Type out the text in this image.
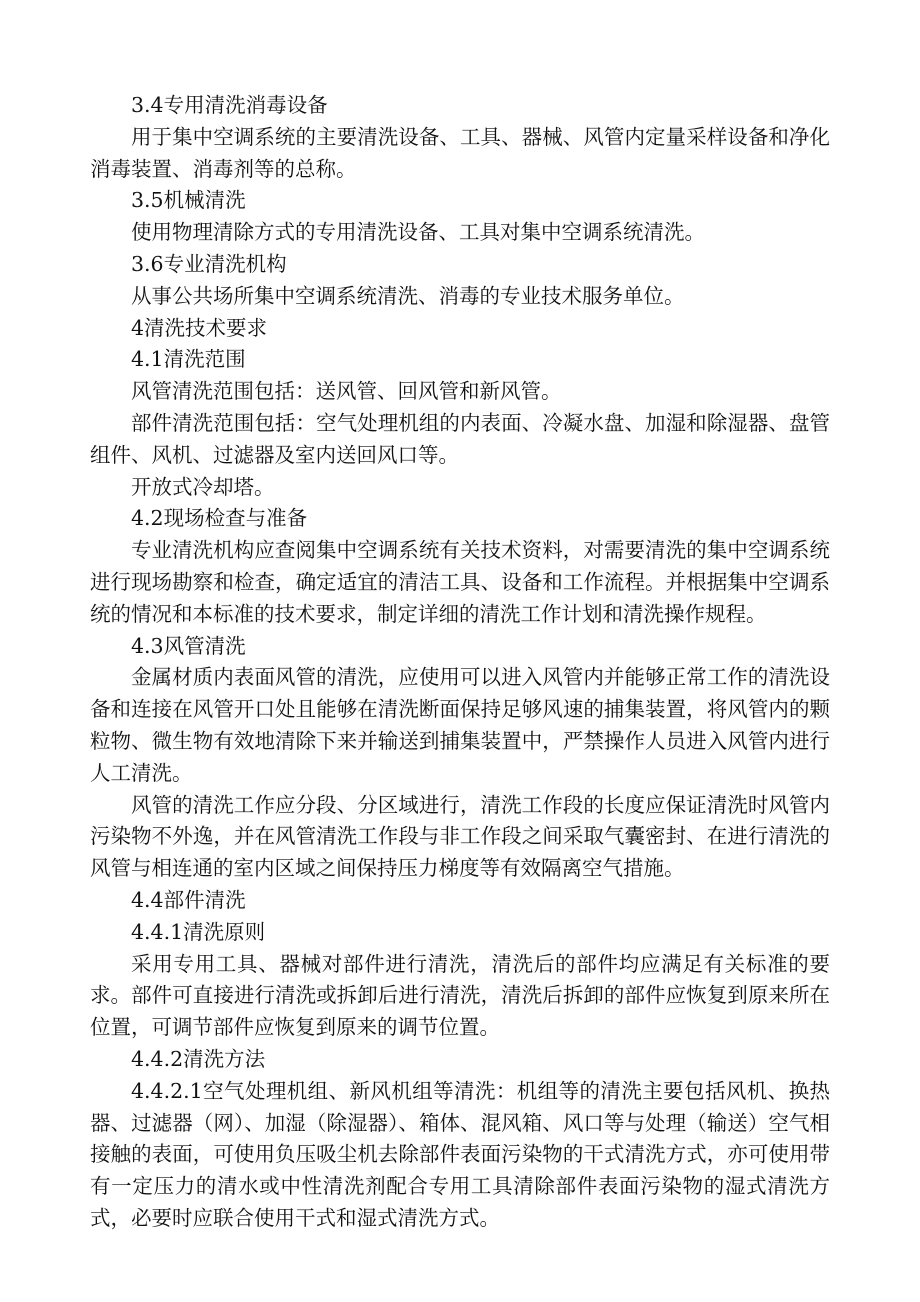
3.4专用清洗消毒设备

用于集中空调系统的主要清洗设备、工具、器械、风管内定量采样设备和净化消毒装置、消毒剂等的总称。

3.5机械清洗

使用物理清除方式的专用清洗设备、工具对集中空调系统清洗。

3.6专业清洗机构

从事公共场所集中空调系统清洗、消毒的专业技术服务单位。

4清洗技术要求

4.1清洗范围

风管清洗范围包括：送风管、回风管和新风管。

部件清洗范围包括：空气处理机组的内表面、冷凝水盘、加湿和除湿器、盘管组件、风机、过滤器及室内送回风口等。

开放式冷却塔。

4.2现场检查与准备

专业清洗机构应查阅集中空调系统有关技术资料，对需要清洗的集中空调系统进行现场勘察和检查，确定适宜的清洁工具、设备和工作流程。并根据集中空调系统的情况和本标准的技术要求，制定详细的清洗工作计划和清洗操作规程。

4.3风管清洗

金属材质内表面风管的清洗，应使用可以进入风管内并能够正常工作的清洗设备和连接在风管开口处且能够在清洗断面保持足够风速的捕集装置，将风管内的颗粒物、微生物有效地清除下来并输送到捕集装置中，严禁操作人员进入风管内进行人工清洗。

风管的清洗工作应分段、分区域进行，清洗工作段的长度应保证清洗时风管内污染物不外逸，并在风管清洗工作段与非工作段之间采取气囊密封、在进行清洗的风管与相连通的室内区域之间保持压力梯度等有效隔离空气措施。

4.4部件清洗

4.4.1清洗原则

采用专用工具、器械对部件进行清洗，清洗后的部件均应满足有关标准的要求。部件可直接进行清洗或拆卸后进行清洗，清洗后拆卸的部件应恢复到原来所在位置，可调节部件应恢复到原来的调节位置。

4.4.2清洗方法

4.4.2.1空气处理机组、新风机组等清洗：机组等的清洗主要包括风机、换热器、过滤器（网）、加湿（除湿器）、箱体、混风箱、风口等与处理（输送）空气相接触的表面，可使用负压吸尘机去除部件表面污染物的干式清洗方式，亦可使用带有一定压力的清水或中性清洗剂配合专用工具清除部件表面污染物的湿式清洗方式，必要时应联合使用干式和湿式清洗方式。
